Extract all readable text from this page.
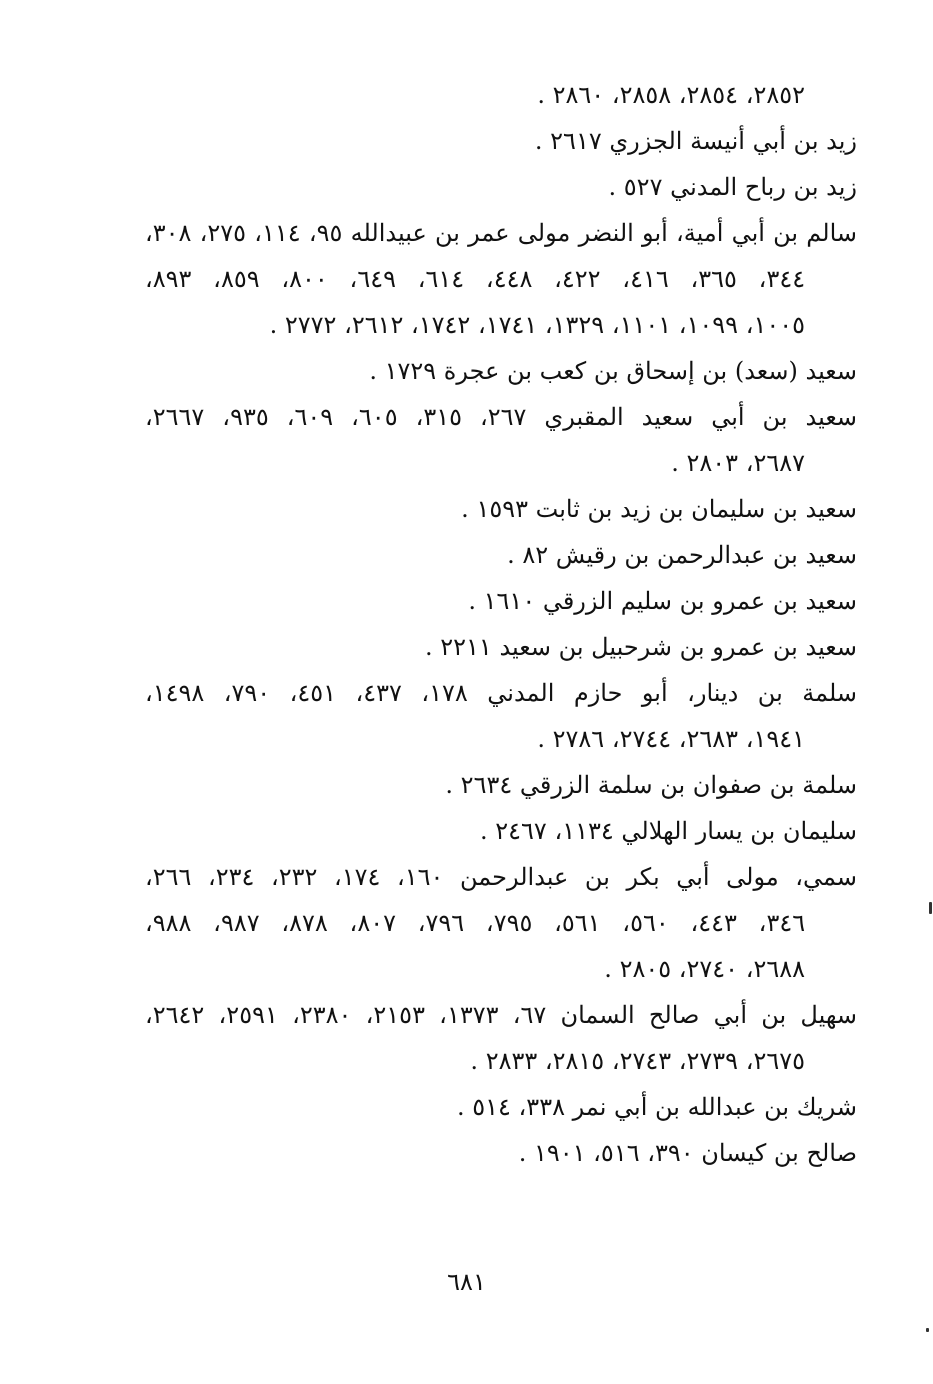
٢٨٥٢، ٢٨٥٤، ٢٨٥٨، ٢٨٦٠ .
زيد بن أبي أنيسة الجزري ٢٦١٧ .
زيد بن رباح المدني ٥٢٧ .
سالم بن أبي أمية، أبو النضر مولى عمر بن عبيدالله ٩٥، ١١٤، ٢٧٥، ٣٠٨،
٣٤٤، ٣٦٥، ٤١٦، ٤٢٢، ٤٤٨، ٦١٤، ٦٤٩، ٨٠٠، ٨٥٩، ٨٩٣،
١٠٠٥، ١٠٩٩، ١١٠١، ١٣٢٩، ١٧٤١، ١٧٤٢، ٢٦١٢، ٢٧٧٢ .
سعيد (سعد) بن إسحاق بن كعب بن عجرة ١٧٢٩ .
سعيد بن أبي سعيد المقبري ٢٦٧، ٣١٥، ٦٠٥، ٦٠٩، ٩٣٥، ٢٦٦٧،
٢٦٨٧، ٢٨٠٣ .
سعيد بن سليمان بن زيد بن ثابت ١٥٩٣ .
سعيد بن عبدالرحمن بن رقيش ٨٢ .
سعيد بن عمرو بن سليم الزرقي ١٦١٠ .
سعيد بن عمرو بن شرحبيل بن سعيد ٢٢١١ .
سلمة بن دينار، أبو حازم المدني ١٧٨، ٤٣٧، ٤٥١، ٧٩٠، ١٤٩٨،
١٩٤١، ٢٦٨٣، ٢٧٤٤، ٢٧٨٦ .
سلمة بن صفوان بن سلمة الزرقي ٢٦٣٤ .
سليمان بن يسار الهلالي ١١٣٤، ٢٤٦٧ .
سمي، مولى أبي بكر بن عبدالرحمن ١٦٠، ١٧٤، ٢٣٢، ٢٣٤، ٢٦٦،
٣٤٦، ٤٤٣، ٥٦٠، ٥٦١، ٧٩٥، ٧٩٦، ٨٠٧، ٨٧٨، ٩٨٧، ٩٨٨،
٢٦٨٨، ٢٧٤٠، ٢٨٠٥ .
سهيل بن أبي صالح السمان ٦٧، ١٣٧٣، ٢١٥٣، ٢٣٨٠، ٢٥٩١، ٢٦٤٢،
٢٦٧٥، ٢٧٣٩، ٢٧٤٣، ٢٨١٥، ٢٨٣٣ .
شريك بن عبدالله بن أبي نمر ٣٣٨، ٥١٤ .
صالح بن كيسان ٣٩٠، ٥١٦، ١٩٠١ .
٦٨١
